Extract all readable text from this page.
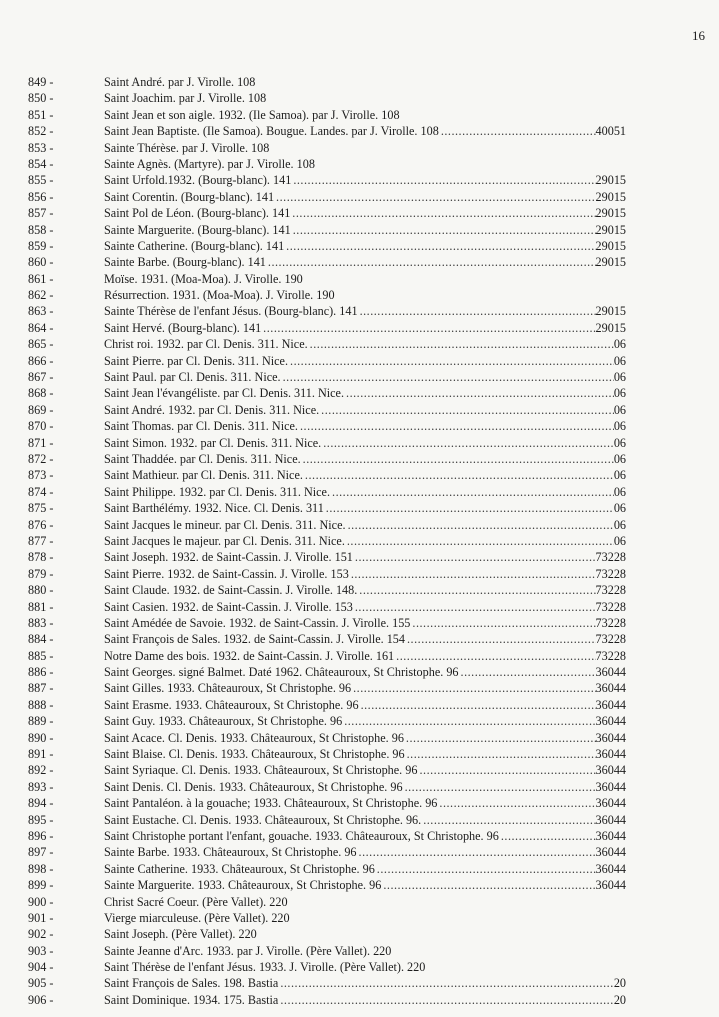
16
849 -	Saint André. par J. Virolle. 108
850 -	Saint Joachim. par J. Virolle. 108
851 -	Saint Jean et son aigle. 1932. (Ile Samoa). par J. Virolle. 108
852 -	Saint Jean Baptiste. (Ile Samoa). Bougue. Landes. par J. Virolle. 108 .....	40051
853 -	Sainte Thérèse. par J. Virolle. 108
854 -	Sainte Agnès. (Martyre). par J. Virolle. 108
855 -	Saint Urfold.1932. (Bourg-blanc). 141 .....	29015
856 -	Saint Corentin. (Bourg-blanc). 141 .....	29015
857 -	Saint Pol de Léon. (Bourg-blanc). 141 .....	29015
858 -	Sainte Marguerite. (Bourg-blanc). 141 .....	29015
859 -	Sainte Catherine. (Bourg-blanc). 141 .....	29015
860 -	Sainte Barbe. (Bourg-blanc). 141 .....	29015
861 -	Moïse. 1931. (Moa-Moa). J. Virolle. 190
862 -	Résurrection. 1931. (Moa-Moa). J. Virolle. 190
863 -	Sainte Thérèse de l'enfant Jésus. (Bourg-blanc). 141 .....	29015
864 -	Saint Hervé. (Bourg-blanc). 141 .....	29015
865 -	Christ roi. 1932. par Cl. Denis. 311. Nice. .....	06
866 -	Saint Pierre. par Cl. Denis. 311. Nice. .....	06
867 -	Saint Paul. par Cl. Denis. 311. Nice. .....	06
868 -	Saint Jean l'évangéliste. par Cl. Denis. 311. Nice. .....	06
869 -	Saint André. 1932. par Cl. Denis. 311. Nice. .....	06
870 -	Saint Thomas. par Cl. Denis. 311. Nice. .....	06
871 -	Saint Simon. 1932. par Cl. Denis. 311. Nice. .....	06
872 -	Saint Thaddée. par Cl. Denis. 311. Nice. .....	06
873 -	Saint Mathieur. par Cl. Denis. 311. Nice. .....	06
874 -	Saint Philippe. 1932. par Cl. Denis. 311. Nice. .....	06
875 -	Saint Barthélémy. 1932. Nice. Cl. Denis. 311 .....	06
876 -	Saint Jacques le mineur. par Cl. Denis. 311. Nice. .....	06
877 -	Saint Jacques le majeur. par Cl. Denis. 311. Nice. .....	06
878 -	Saint Joseph. 1932. de Saint-Cassin. J. Virolle. 151 .....	73228
879 -	Saint Pierre. 1932. de Saint-Cassin. J. Virolle. 153 .....	73228
880 -	Saint Claude. 1932. de Saint-Cassin. J. Virolle. 148. .....	73228
881 -	Saint Casien. 1932. de Saint-Cassin. J. Virolle. 153 .....	73228
883 -	Saint Amédée de Savoie. 1932. de Saint-Cassin. J. Virolle. 155 .....	73228
884 -	Saint François de Sales. 1932. de Saint-Cassin. J. Virolle. 154 .....	73228
885 -	Notre Dame des bois. 1932. de Saint-Cassin. J. Virolle. 161 .....	73228
886 -	Saint Georges. signé Balmet. Daté 1962. Châteauroux, St Christophe. 96 .....	36044
887 -	Saint Gilles. 1933. Châteauroux, St Christophe. 96 .....	36044
888 -	Saint Erasme. 1933. Châteauroux, St Christophe. 96 .....	36044
889 -	Saint Guy. 1933. Châteauroux, St Christophe. 96 .....	36044
890 -	Saint Acace. Cl. Denis. 1933. Châteauroux, St Christophe. 96 .....	36044
891 -	Saint Blaise. Cl. Denis. 1933. Châteauroux, St Christophe. 96 .....	36044
892 -	Saint Syriaque. Cl. Denis. 1933. Châteauroux, St Christophe. 96 .....	36044
893 -	Saint Denis. Cl. Denis. 1933. Châteauroux, St Christophe. 96 .....	36044
894 -	Saint Pantaléon. à la gouache; 1933. Châteauroux, St Christophe. 96 .....	36044
895 -	Saint Eustache. Cl. Denis. 1933. Châteauroux, St Christophe. 96. .....	36044
896 -	Saint Christophe portant l'enfant, gouache. 1933. Châteauroux, St Christophe. 96 .....	36044
897 -	Sainte Barbe. 1933. Châteauroux, St Christophe. 96 .....	36044
898 -	Sainte Catherine. 1933. Châteauroux, St Christophe. 96 .....	36044
899 -	Sainte Marguerite. 1933. Châteauroux, St Christophe. 96 .....	36044
900 -	Christ Sacré Coeur. (Père Vallet). 220
901 -	Vierge miarculeuse. (Père Vallet). 220
902 -	Saint Joseph. (Père Vallet). 220
903 -	Sainte Jeanne d'Arc. 1933. par J. Virolle. (Père Vallet). 220
904 -	Saint Thérèse de l'enfant Jésus. 1933. J. Virolle. (Père Vallet). 220
905 -	Saint François de Sales. 198. Bastia .....	20
906 -	Saint Dominique. 1934. 175. Bastia .....	20
